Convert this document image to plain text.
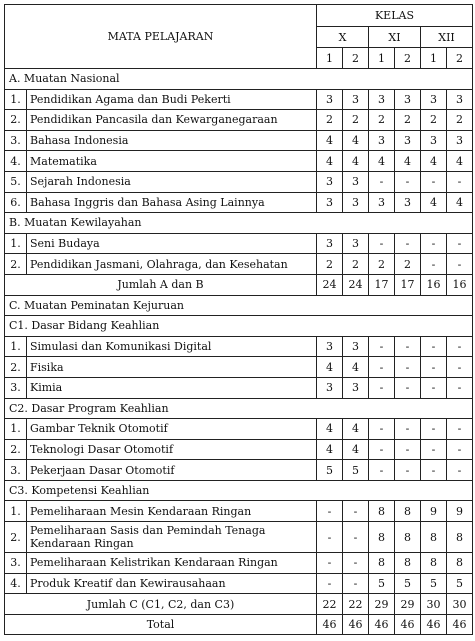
MATA PELAJARAN		KELAS					
		X		XI		XII	
		1	2	1	2	1	2
A. Muatan Nasional							
1.	Pendidikan Agama dan Budi Pekerti	3	3	3	3	3	3
2.	Pendidikan Pancasila dan Kewarganegaraan	2	2	2	2	2	2
3.	Bahasa Indonesia	4	4	3	3	3	3
4.	Matematika	4	4	4	4	4	4
5.	Sejarah Indonesia	3	3	-	-	-	-
6.	Bahasa Inggris dan Bahasa Asing Lainnya	3	3	3	3	4	4
B. Muatan Kewilayahan							
1.	Seni Budaya	3	3	-	-	-	-
2.	Pendidikan Jasmani, Olahraga, dan Kesehatan	2	2	2	2	-	-
Jumlah A dan B		24	24	17	17	16	16
C. Muatan Peminatan Kejuruan							
C1. Dasar Bidang Keahlian							
1.	Simulasi dan Komunikasi Digital	3	3	-	-	-	-
2.	Fisika	4	4	-	-	-	-
3.	Kimia	3	3	-	-	-	-
C2. Dasar Program Keahlian							
1.	Gambar Teknik Otomotif	4	4	-	-	-	-
2.	Teknologi Dasar Otomotif	4	4	-	-	-	-
3.	Pekerjaan Dasar Otomotif	5	5	-	-	-	-
C3. Kompetensi Keahlian							
1.	Pemeliharaan Mesin Kendaraan Ringan	-	-	8	8	9	9
2.	Pemeliharaan Sasis dan Pemindah Tenaga Kendaraan Ringan	-	-	8	8	8	8
3.	Pemeliharaan Kelistrikan Kendaraan Ringan	-	-	8	8	8	8
4.	Produk Kreatif dan Kewirausahaan	-	-	5	5	5	5
Jumlah C (C1, C2, dan C3)		22	22	29	29	30	30
Total		46	46	46	46	46	46
